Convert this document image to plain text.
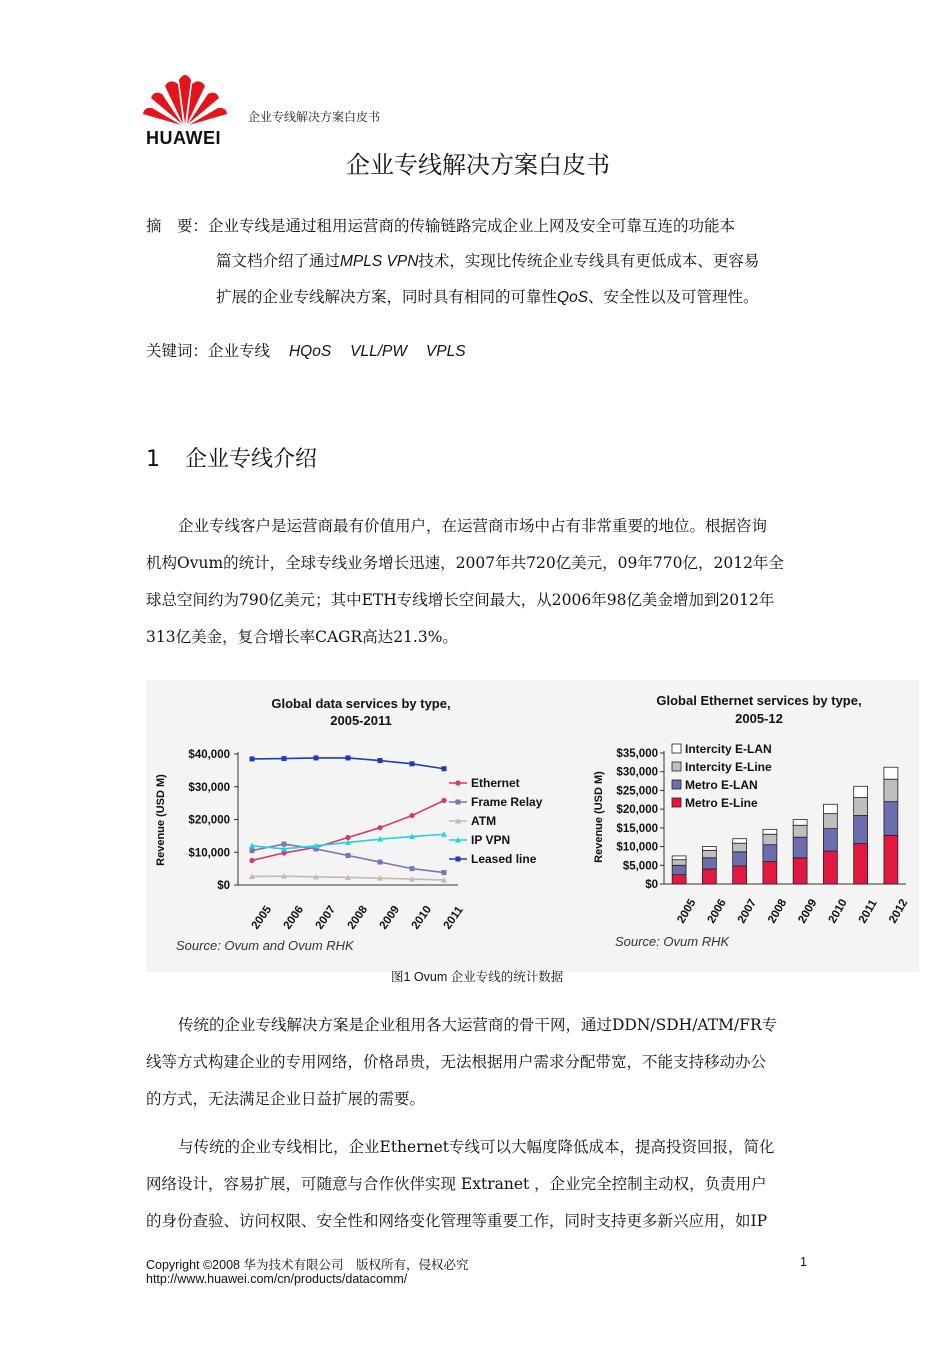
HUAWEI
企业专线解决方案白皮书
企业专线解决方案白皮书
摘　要：企业专线是通过租用运营商的传输链路完成企业上网及安全可靠互连的功能本
篇文档介绍了通过MPLS VPN技术，实现比传统企业专线具有更低成本、更容易
扩展的企业专线解决方案，同时具有相同的可靠性QoS、安全性以及可管理性。
关键词：企业专线 HQoS VLL/PW VPLS
1 企业专线介绍
企业专线客户是运营商最有价值用户，在运营商市场中占有非常重要的地位。根据咨询
机构Ovum的统计，全球专线业务增长迅速，2007年共720亿美元，09年770亿，2012年全
球总空间约为790亿美元；其中ETH专线增长空间最大，从2006年98亿美金增加到2012年
313亿美金，复合增长率CAGR高达21.3%。
Global data services by type,
2005-2011
Revenue (USD M)
$40,000
$30,000
$20,000
$10,000
$0
2005 2006 2007 2008 2009 2010 2011
Ethernet
Frame Relay
ATM
IP VPN
Leased line
Source: Ovum and Ovum RHK
Global Ethernet services by type,
2005-12
Revenue (USD M)
$35,000
$30,000
$25,000
$20,000
$15,000
$10,000
$5,000
$0
2005 2006 2007 2008 2009 2010 2011 2012
Intercity E-LAN
Intercity E-Line
Metro E-LAN
Metro E-Line
Source: Ovum RHK
图1 Ovum 企业专线的统计数据
传统的企业专线解决方案是企业租用各大运营商的骨干网，通过DDN/SDH/ATM/FR专
线等方式构建企业的专用网络，价格昂贵，无法根据用户需求分配带宽，不能支持移动办公
的方式，无法满足企业日益扩展的需要。
与传统的企业专线相比，企业Ethernet专线可以大幅度降低成本，提高投资回报，简化
网络设计，容易扩展，可随意与合作伙伴实现 Extranet ，企业完全控制主动权，负责用户
的身份查验、访问权限、安全性和网络变化管理等重要工作，同时支持更多新兴应用，如IP
Copyright ©2008 华为技术有限公司　版权所有，侵权必究
http://www.huawei.com/cn/products/datacomm/
1
